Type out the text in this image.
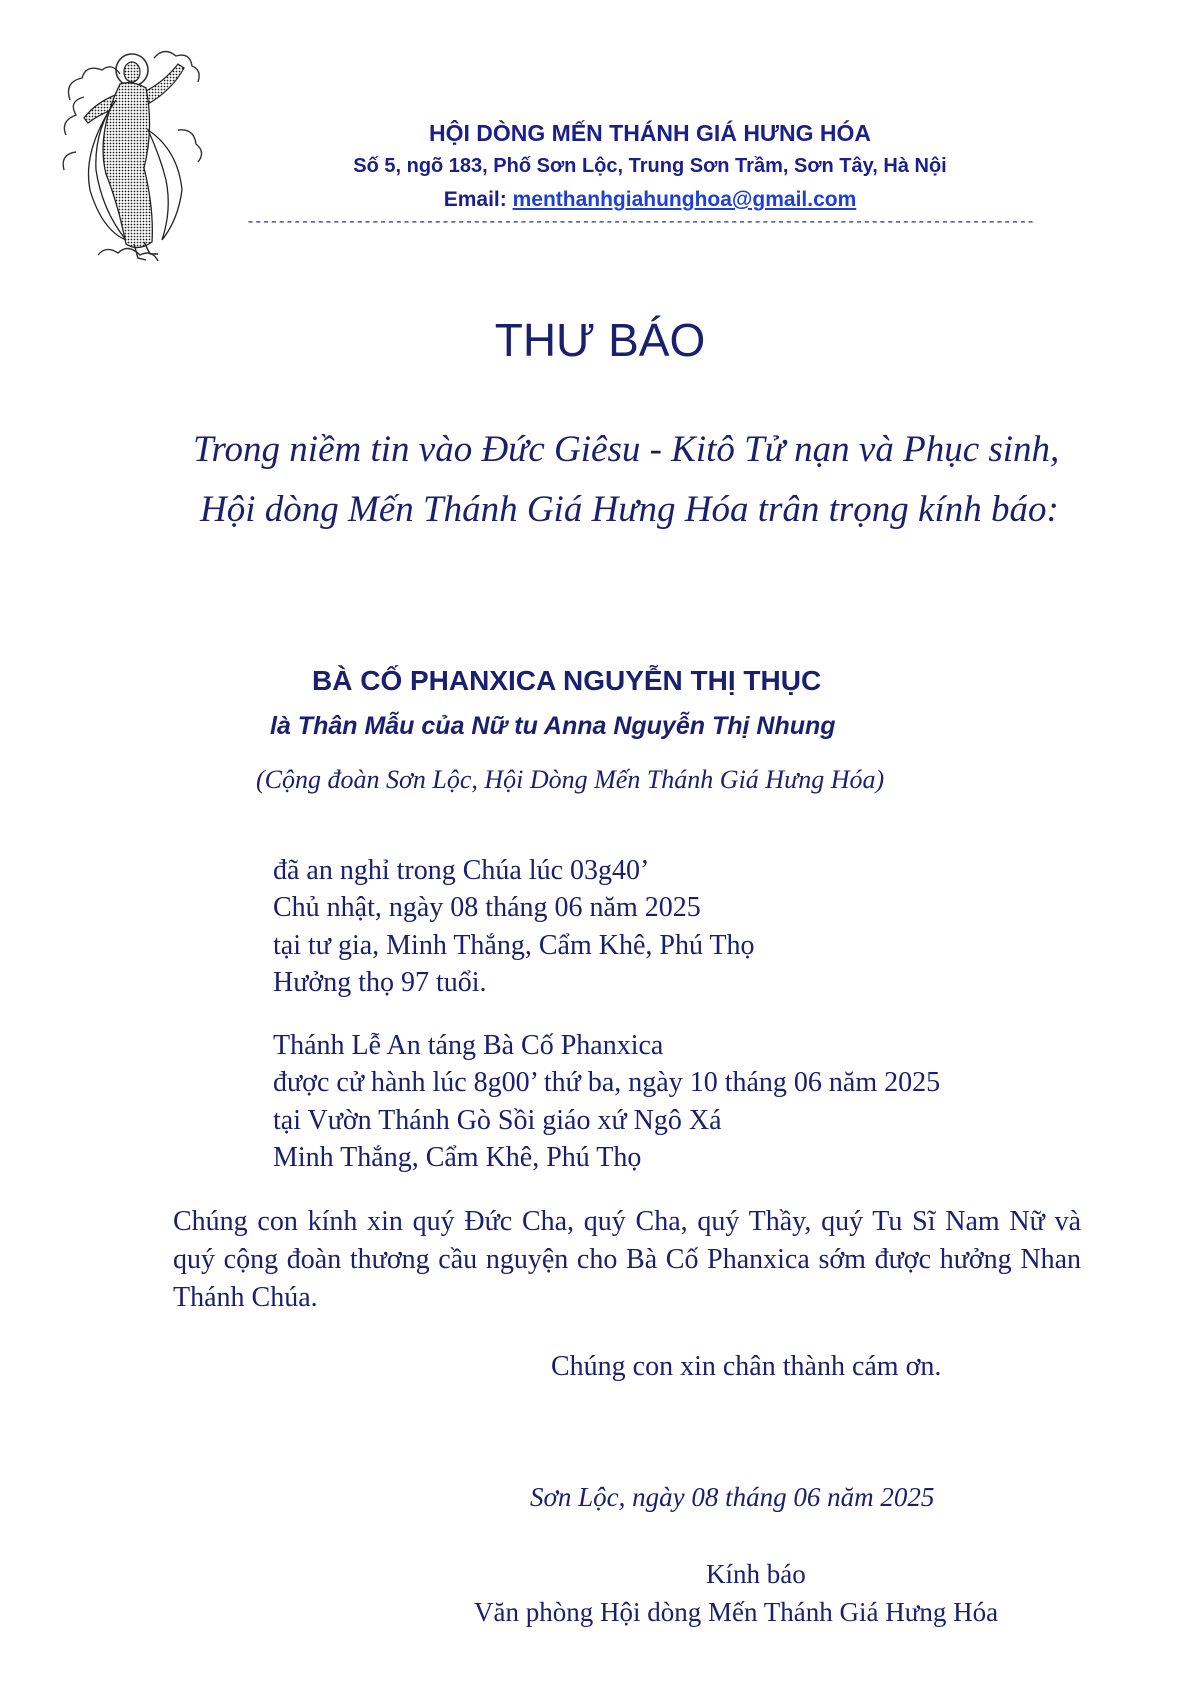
HỘI DÒNG MẾN THÁNH GIÁ HƯNG HÓA
Số 5, ngõ 183, Phố Sơn Lộc, Trung Sơn Trầm, Sơn Tây, Hà Nội
Email: menthanhgiahunghoa@gmail.com
-----------------------------------------------------------------------------------------------------
THƯ BÁO
Trong niềm tin vào Đức Giêsu - Kitô Tử nạn và Phục sinh,
Hội dòng Mến Thánh Giá Hưng Hóa trân trọng kính báo:
BÀ CỐ PHANXICA NGUYỄN THỊ THỤC
là Thân Mẫu của Nữ tu Anna Nguyễn Thị Nhung
(Cộng đoàn Sơn Lộc, Hội Dòng Mến Thánh Giá Hưng Hóa)
đã an nghỉ trong Chúa lúc 03g40’
Chủ nhật, ngày 08 tháng 06 năm 2025
tại tư gia, Minh Thắng, Cẩm Khê, Phú Thọ
Hưởng thọ 97 tuổi.
Thánh Lễ An táng Bà Cố Phanxica
được cử hành lúc 8g00’ thứ ba, ngày 10 tháng 06 năm 2025
tại Vườn Thánh Gò Sồi giáo xứ Ngô Xá
Minh Thắng, Cẩm Khê, Phú Thọ
Chúng con kính xin quý Đức Cha, quý Cha, quý Thầy, quý Tu Sĩ Nam Nữ và quý cộng đoàn thương cầu nguyện cho Bà Cố Phanxica sớm được hưởng Nhan Thánh Chúa.
Chúng con xin chân thành cám ơn.
Sơn Lộc, ngày 08 tháng 06 năm 2025
Kính báo
Văn phòng Hội dòng Mến Thánh Giá Hưng Hóa
